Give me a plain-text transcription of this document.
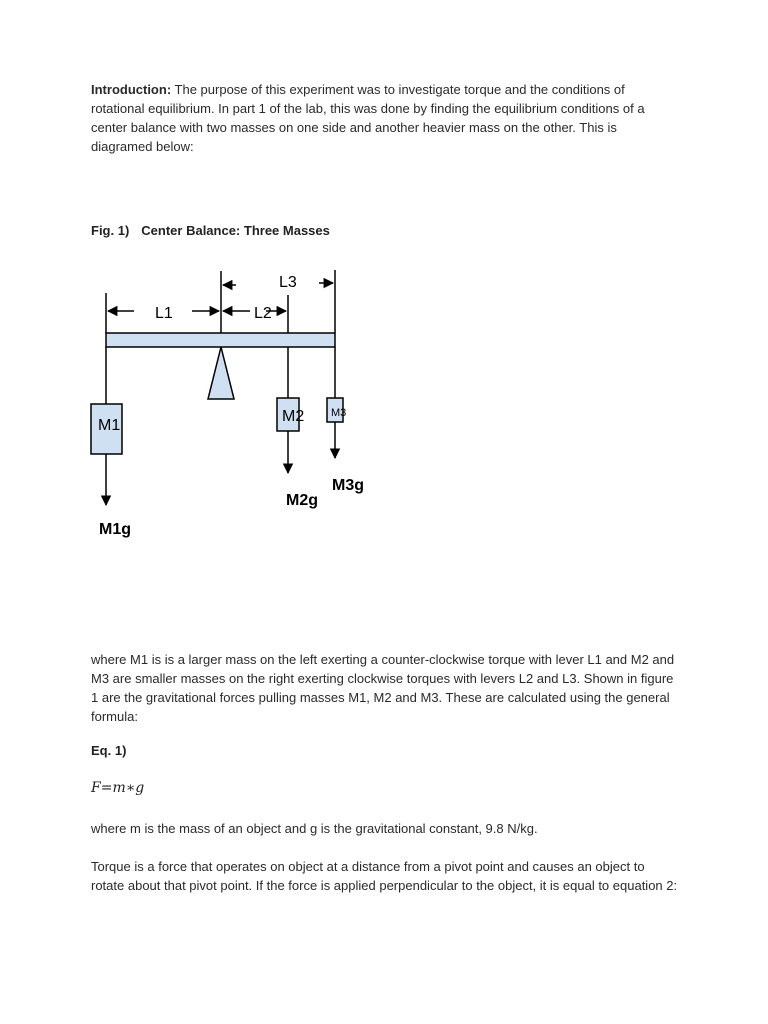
Introduction: The purpose of this experiment was to investigate torque and the conditions of rotational equilibrium. In part 1 of the lab, this was done by finding the equilibrium conditions of a center balance with two masses on one side and another heavier mass on the other. This is diagramed below:

Fig. 1) Center Balance: Three Masses
L1	L2
L3
M1
M1g
M2
M2g
M3
M3g

where M1 is is a larger mass on the left exerting a counter-clockwise torque with lever L1 and M2 and M3 are smaller masses on the right exerting clockwise torques with levers L2 and L3. Shown in figure 1 are the gravitational forces pulling masses M1, M2 and M3. These are calculated using the general formula:

Eq. 1)
F=m∗g

where m is the mass of an object and g is the gravitational constant, 9.8 N/kg.

Torque is a force that operates on object at a distance from a pivot point and causes an object to rotate about that pivot point. If the force is applied perpendicular to the object, it is equal to equation 2:
